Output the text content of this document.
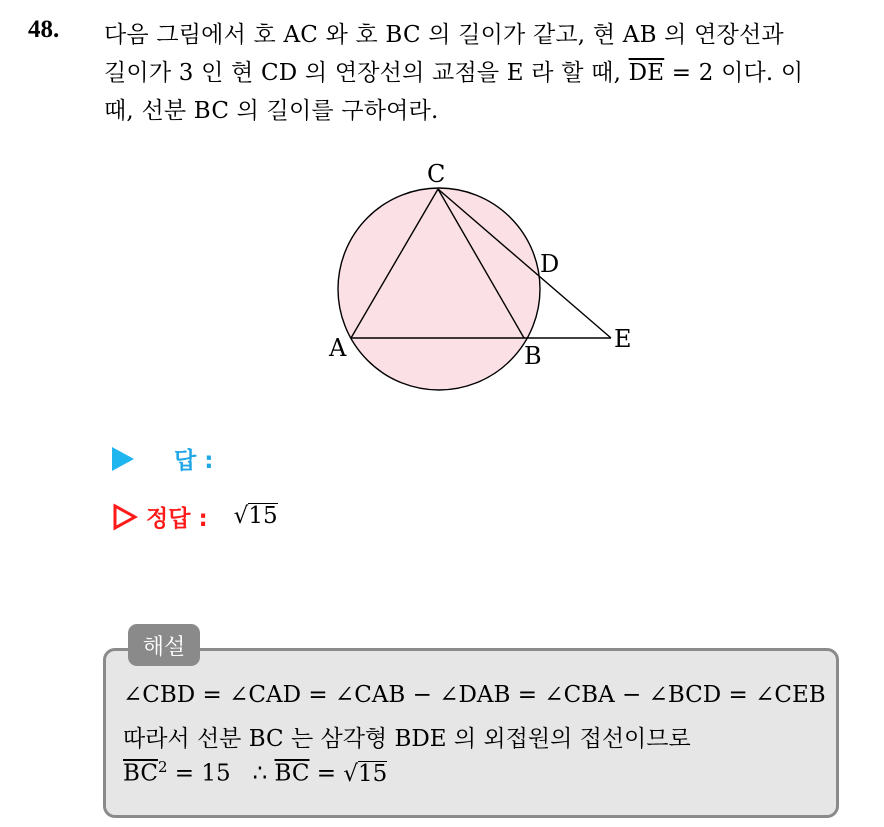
48. 다음 그림에서 호 AC 와 호 BC 의 길이가 같고, 현 AB 의 연장선과
길이가 3 인 현 CD 의 연장선의 교점을 E 라 할 때, $\overline{DE} = 2$ 이다. 이
때, 선분 BC 의 길이를 구하여라.
C
D
A	B
E
답 :
정답 : √ 15
해설
∠CBD = ∠CAD = ∠CAB − ∠DAB = ∠CBA − ∠BCD = ∠CEB
따라서 선분 BC 는 삼각형 BDE 의 외접원의 접선이므로
$\overline{BC}^2 = 15$   ∴ $\overline{BC}$ = √ 15
